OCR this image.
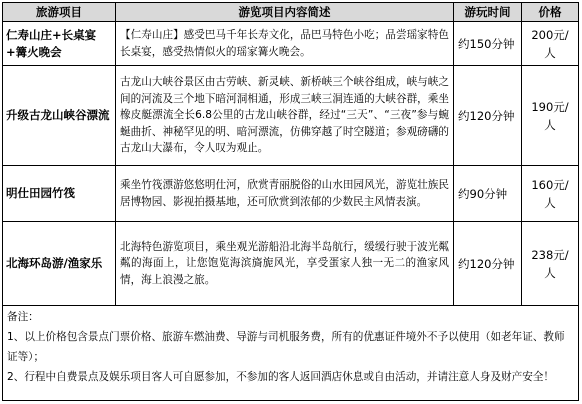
旅游项目	游览项目内容简述	游玩时间	价格
仁寿山庄+长桌宴+篝火晚会	【仁寿山庄】感受巴马千年长寿文化，品巴马特色小吃；品尝瑶家特色长桌宴，感受热情似火的瑶家篝火晚会。	约150分钟	200元/人
升级古龙山峡谷漂流	古龙山大峡谷景区由古劳峡、新灵峡、新桥峡三个峡谷组成，峡与峡之间的河流及三个地下暗河洞相通，形成三峡三洞连通的大峡谷群，乘坐橡皮艇漂流全长6.8公里的古龙山峡谷群，经过“三天”、“三夜”参与蜿蜒曲折、神秘罕见的明、暗河漂流，仿佛穿越了时空隧道；参观磅礴的古龙山大瀑布，令人叹为观止。	约120分钟	190元/人
明仕田园竹筏	乘坐竹筏漂游悠悠明仕河，欣赏青丽脱俗的山水田园风光，游览壮族民居博物园、影视拍摄基地，还可欣赏到浓郁的少数民主风情表演。	约90分钟	160元/人
北海环岛游/渔家乐	北海特色游览项目，乘坐观光游船沿北海半岛航行，缓缓行驶于波光粼粼的海面上，让您饱览海滨旖旎风光，享受蛋家人独一无二的渔家风情，海上浪漫之旅。	约120分钟	238元/人

备注：
1、以上价格包含景点门票价格、旅游车燃油费、导游与司机服务费，所有的优惠证件境外不予以使用（如老年证、教师证等）；
2、行程中自费景点及娱乐项目客人可自愿参加，不参加的客人返回酒店休息或自由活动，并请注意人身及财产安全！			
